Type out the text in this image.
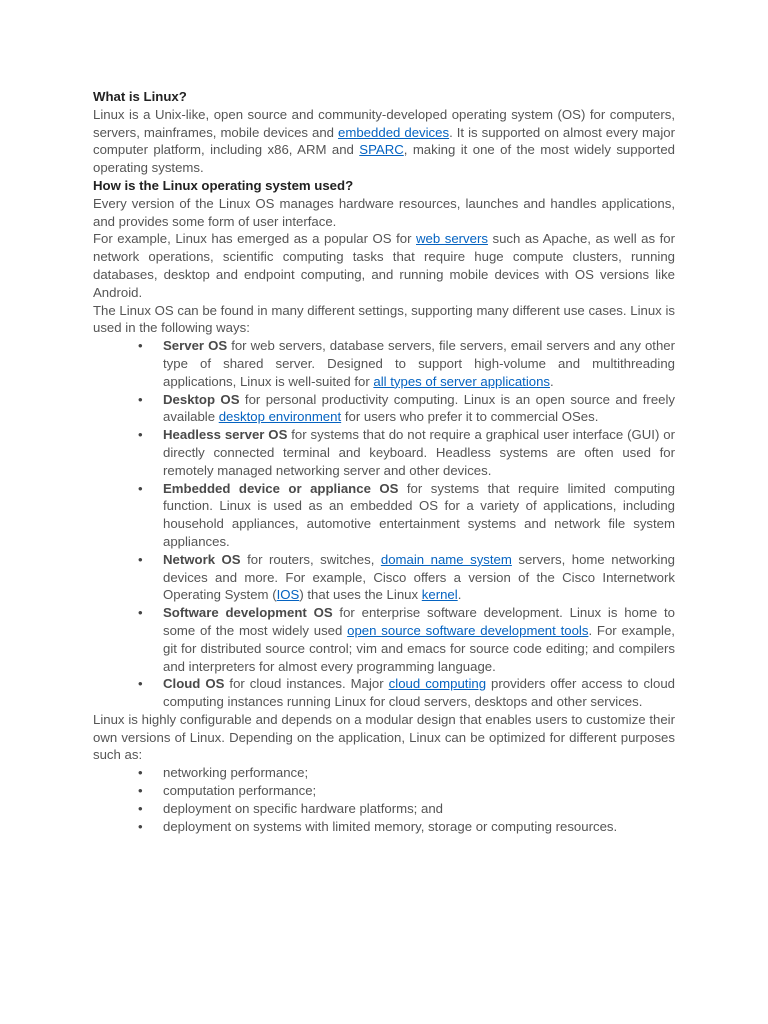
What is Linux?

Linux is a Unix-like, open source and community-developed operating system (OS) for computers, servers, mainframes, mobile devices and embedded devices. It is supported on almost every major computer platform, including x86, ARM and SPARC, making it one of the most widely supported operating systems.

How is the Linux operating system used?

Every version of the Linux OS manages hardware resources, launches and handles applications, and provides some form of user interface.

For example, Linux has emerged as a popular OS for web servers such as Apache, as well as for network operations, scientific computing tasks that require huge compute clusters, running databases, desktop and endpoint computing, and running mobile devices with OS versions like Android.

The Linux OS can be found in many different settings, supporting many different use cases. Linux is used in the following ways:

• Server OS for web servers, database servers, file servers, email servers and any other type of shared server. Designed to support high-volume and multithreading applications, Linux is well-suited for all types of server applications.
• Desktop OS for personal productivity computing. Linux is an open source and freely available desktop environment for users who prefer it to commercial OSes.
• Headless server OS for systems that do not require a graphical user interface (GUI) or directly connected terminal and keyboard. Headless systems are often used for remotely managed networking server and other devices.
• Embedded device or appliance OS for systems that require limited computing function. Linux is used as an embedded OS for a variety of applications, including household appliances, automotive entertainment systems and network file system appliances.
• Network OS for routers, switches, domain name system servers, home networking devices and more. For example, Cisco offers a version of the Cisco Internetwork Operating System (IOS) that uses the Linux kernel.
• Software development OS for enterprise software development. Linux is home to some of the most widely used open source software development tools. For example, git for distributed source control; vim and emacs for source code editing; and compilers and interpreters for almost every programming language.
• Cloud OS for cloud instances. Major cloud computing providers offer access to cloud computing instances running Linux for cloud servers, desktops and other services.

Linux is highly configurable and depends on a modular design that enables users to customize their own versions of Linux. Depending on the application, Linux can be optimized for different purposes such as:

• networking performance;
• computation performance;
• deployment on specific hardware platforms; and
• deployment on systems with limited memory, storage or computing resources.
